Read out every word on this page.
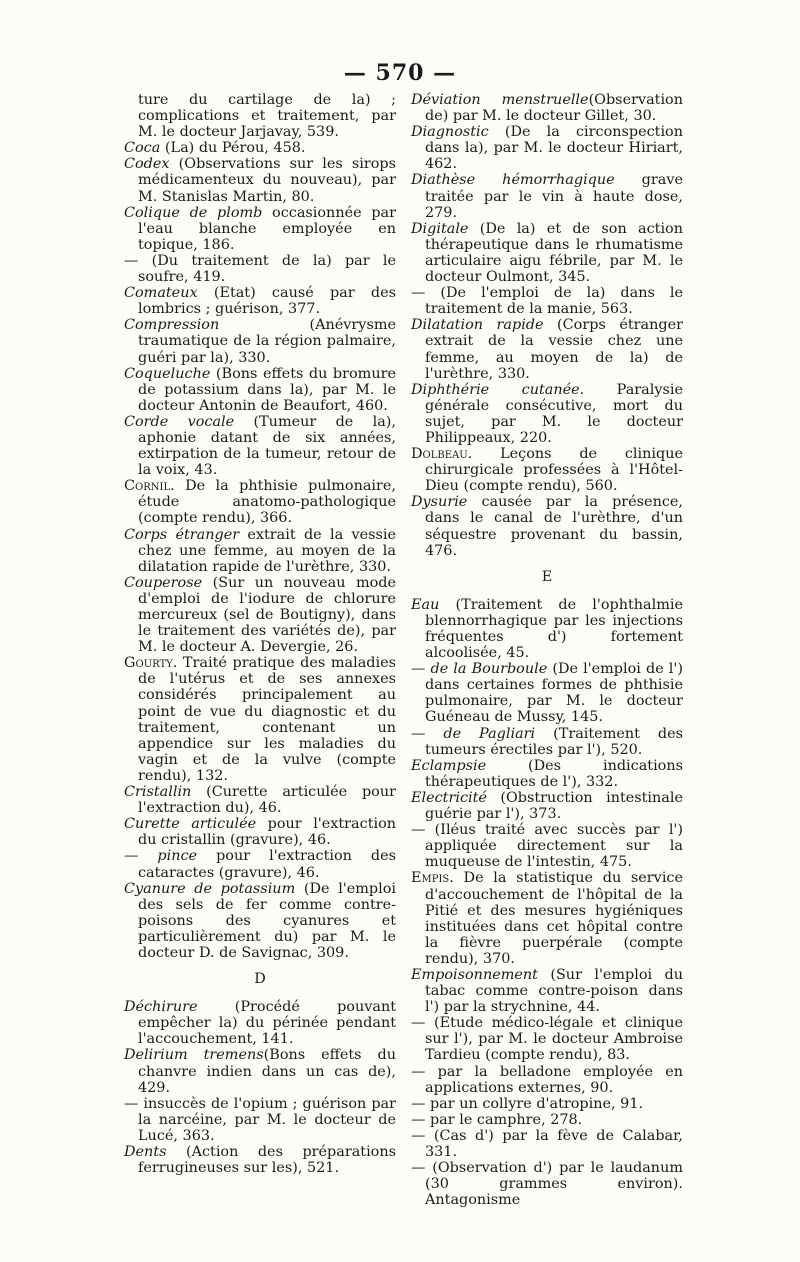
— 570 —

ture du cartilage de la) ; complications et traitement, par M. le docteur Jarjavay, 539.

Coca (La) du Pérou, 458.

Codex (Observations sur les sirops médicamenteux du nouveau), par M. Stanislas Martin, 80.

Colique de plomb occasionnée par l'eau blanche employée en topique, 186.

— (Du traitement de la) par le soufre, 419.

Comateux (Etat) causé par des lombrics ; guérison, 377.

Compression (Anévrysme traumatique de la région palmaire, guéri par la), 330.

Coqueluche (Bons effets du bromure de potassium dans la), par M. le docteur Antonin de Beaufort, 460.

Corde vocale (Tumeur de la), aphonie datant de six années, extirpation de la tumeur, retour de la voix, 43.

Cornil. De la phthisie pulmonaire, étude anatomo-pathologique (compte rendu), 366.

Corps étranger extrait de la vessie chez une femme, au moyen de la dilatation rapide de l'urèthre, 330.

Couperose (Sur un nouveau mode d'emploi de l'iodure de chlorure mercureux (sel de Boutigny), dans le traitement des variétés de), par M. le docteur A. Devergie, 26.

Gourty. Traité pratique des maladies de l'utérus et de ses annexes considérés principalement au point de vue du diagnostic et du traitement, contenant un appendice sur les maladies du vagin et de la vulve (compte rendu), 132.

Cristallin (Curette articulée pour l'extraction du), 46.

Curette articulée pour l'extraction du cristallin (gravure), 46.

— pince pour l'extraction des cataractes (gravure), 46.

Cyanure de potassium (De l'emploi des sels de fer comme contre-poisons des cyanures et particulièrement du) par M. le docteur D. de Savignac, 309.

D

Déchirure (Procédé pouvant empêcher la) du périnée pendant l'accouchement, 141.

Delirium tremens(Bons effets du chanvre indien dans un cas de), 429.

— insuccès de l'opium ; guérison par la narcéine, par M. le docteur de Lucé, 363.

Dents (Action des préparations ferrugineuses sur les), 521.

Déviation menstruelle(Observation de) par M. le docteur Gillet, 30.

Diagnostic (De la circonspection dans la), par M. le docteur Hiriart, 462.

Diathèse hémorrhagique grave traitée par le vin à haute dose, 279.

Digitale (De la) et de son action thérapeutique dans le rhumatisme articulaire aigu fébrile, par M. le docteur Oulmont, 345.

— (De l'emploi de la) dans le traitement de la manie, 563.

Dilatation rapide (Corps étranger extrait de la vessie chez une femme, au moyen de la) de l'urèthre, 330.

Diphthérie cutanée. Paralysie générale consécutive, mort du sujet, par M. le docteur Philippeaux, 220.

Dolbeau. Leçons de clinique chirurgicale professées à l'Hôtel-Dieu (compte rendu), 560.

Dysurie causée par la présence, dans le canal de l'urèthre, d'un séquestre provenant du bassin, 476.

E

Eau (Traitement de l'ophthalmie blennorrhagique par les injections fréquentes d') fortement alcoolisée, 45.

— de la Bourboule (De l'emploi de l') dans certaines formes de phthisie pulmonaire, par M. le docteur Guéneau de Mussy, 145.

— de Pagliari (Traitement des tumeurs érectiles par l'), 520.

Eclampsie (Des indications thérapeutiques de l'), 332.

Electricité (Obstruction intestinale guérie par l'), 373.

— (Iléus traité avec succès par l') appliquée directement sur la muqueuse de l'intestin, 475.

Empis. De la statistique du service d'accouchement de l'hôpital de la Pitié et des mesures hygiéniques instituées dans cet hôpital contre la fièvre puerpérale (compte rendu), 370.

Empoisonnement (Sur l'emploi du tabac comme contre-poison dans l') par la strychnine, 44.

— (Etude médico-légale et clinique sur l'), par M. le docteur Ambroise Tardieu (compte rendu), 83.

— par la belladone employée en applications externes, 90.

— par un collyre d'atropine, 91.

— par le camphre, 278.

— (Cas d') par la fève de Calabar, 331.

— (Observation d') par le laudanum (30 grammes environ). Antagonisme
